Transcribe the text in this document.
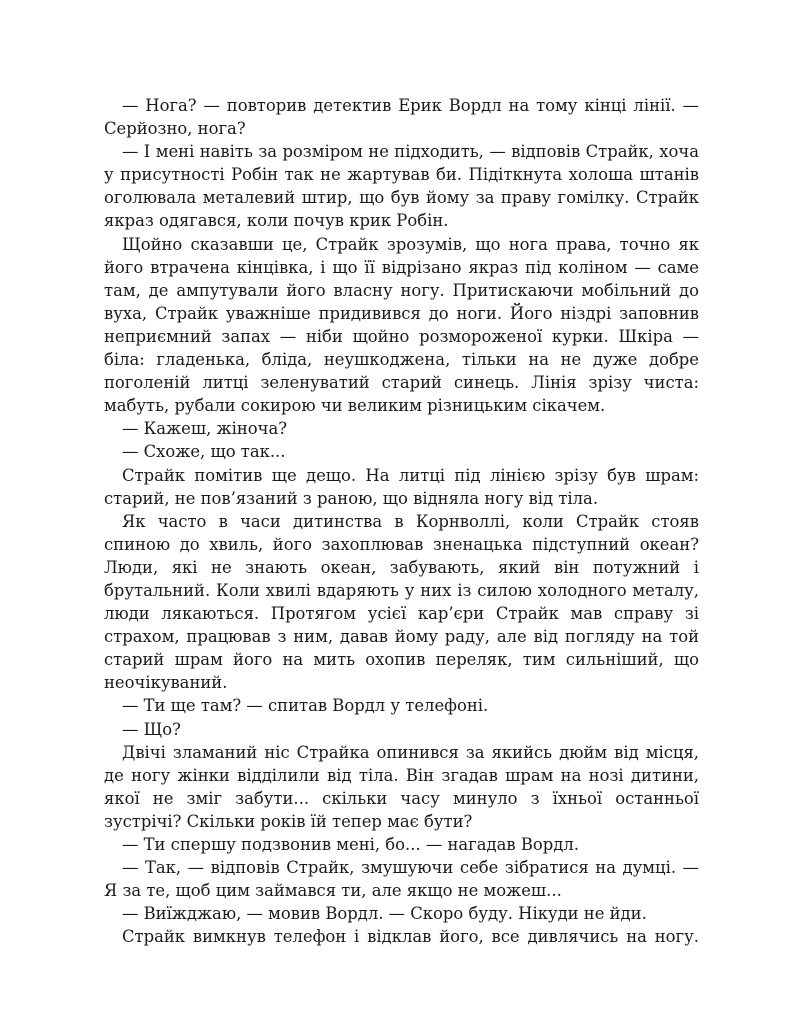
— Нога? — повторив детектив Ерик Вордл на тому кінці лінії. — Серйозно, нога?

— І мені навіть за розміром не підходить, — відповів Страйк, хоча у присутності Робін так не жартував би. Підіткнута холоша штанів оголювала металевий штир, що був йому за праву гомілку. Страйк якраз одягався, коли почув крик Робін.

Щойно сказавши це, Страйк зрозумів, що нога права, точно як його втрачена кінцівка, і що її відрізано якраз під коліном — саме там, де ампутували його власну ногу. Притискаючи мобільний до вуха, Страйк уважніше придивився до ноги. Його ніздрі заповнив неприємний запах — ніби щойно розмороженої курки. Шкіра — біла: гладенька, бліда, неушкоджена, тільки на не дуже добре поголеній литці зеленуватий старий синець. Лінія зрізу чиста: мабуть, рубали сокирою чи великим різницьким сікачем.

— Кажеш, жіноча?

— Схоже, що так...

Страйк помітив ще дещо. На литці під лінією зрізу був шрам: старий, не пов’язаний з раною, що відняла ногу від тіла.

Як часто в часи дитинства в Корнволлі, коли Страйк стояв спиною до хвиль, його захоплював зненацька підступний океан? Люди, які не знають океан, забувають, який він потужний і брутальний. Коли хвилі вдаряють у них із силою холодного металу, люди лякаються. Протягом усієї кар’єри Страйк мав справу зі страхом, працював з ним, давав йому раду, але від погляду на той старий шрам його на мить охопив переляк, тим сильніший, що неочікуваний.

— Ти ще там? — спитав Вордл у телефоні.

— Що?

Двічі зламаний ніс Страйка опинився за якийсь дюйм від місця, де ногу жінки відділили від тіла. Він згадав шрам на нозі дитини, якої не зміг забути... скільки часу минуло з їхньої останньої зустрічі? Скільки років їй тепер має бути?

— Ти спершу подзвонив мені, бо... — нагадав Вордл.

— Так, — відповів Страйк, змушуючи себе зібратися на думці. — Я за те, щоб цим займався ти, але якщо не можеш...

— Виїжджаю, — мовив Вордл. — Скоро буду. Нікуди не йди.

Страйк вимкнув телефон і відклав його, все дивлячись на ногу.
